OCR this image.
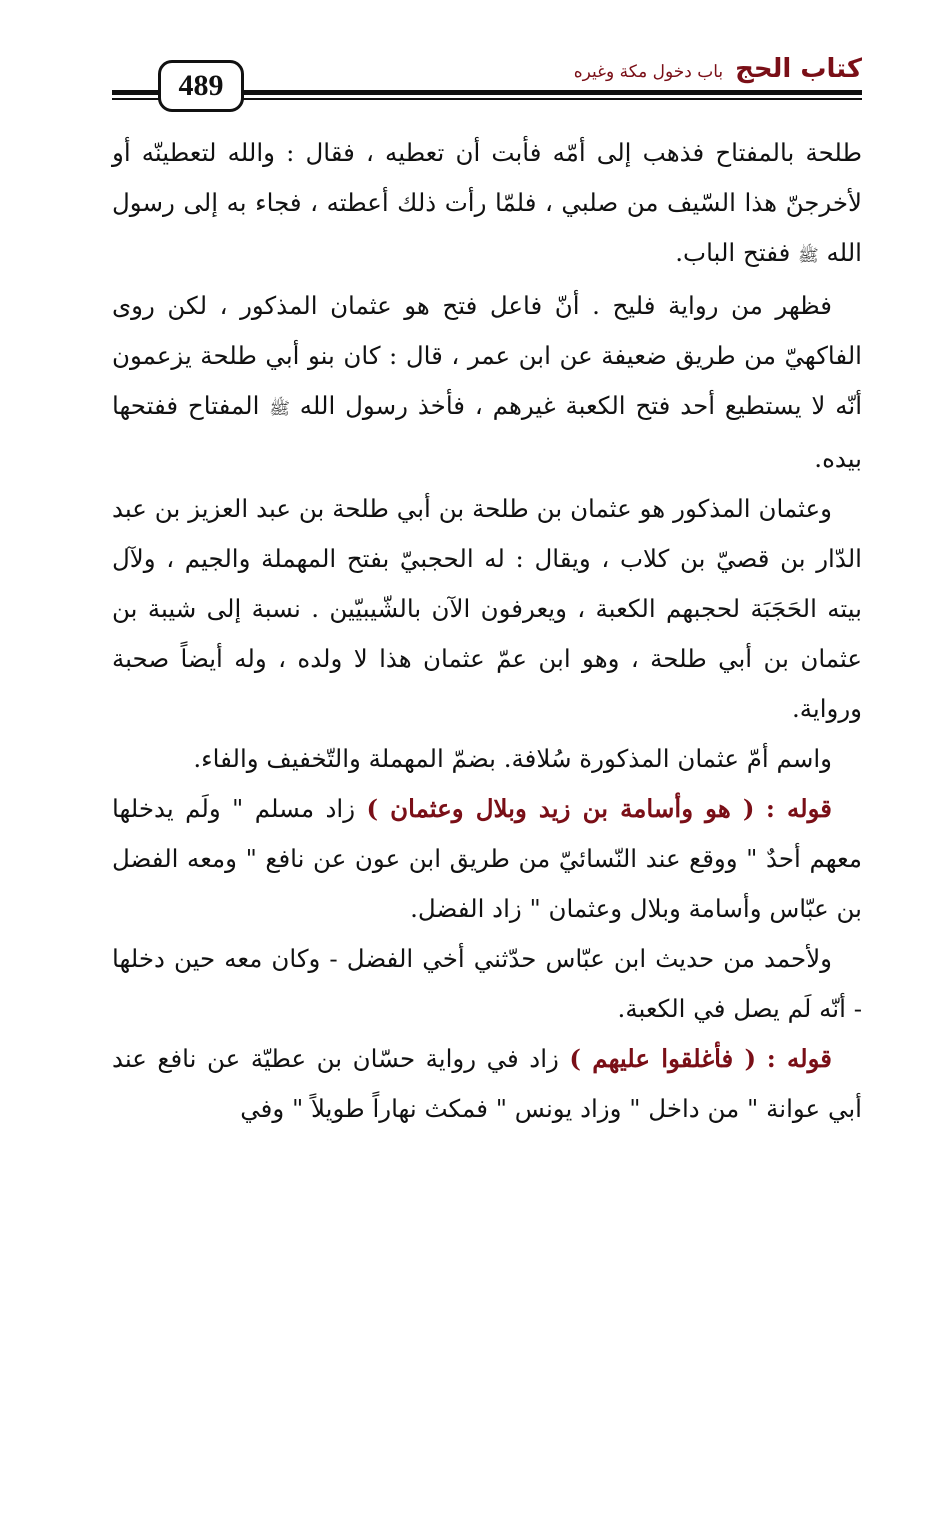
489	كتاب الحج
باب دخول مكة وغيره

طلحة بالمفتاح فذهب إلى أمّه فأبت أن تعطيه ، فقال : والله لتعطينّه أو لأخرجنّ هذا السّيف من صلبي ، فلمّا رأت ذلك أعطته ، فجاء به إلى رسول الله ﷺ ففتح الباب.

فظهر من رواية فليح . أنّ فاعل فتح هو عثمان المذكور ، لكن روى الفاكهيّ من طريق ضعيفة عن ابن عمر ، قال : كان بنو أبي طلحة يزعمون أنّه لا يستطيع أحد فتح الكعبة غيرهم ، فأخذ رسول الله ﷺ المفتاح ففتحها بيده.

وعثمان المذكور هو عثمان بن طلحة بن أبي طلحة بن عبد العزيز بن عبد الدّار بن قصيّ بن كلاب ، ويقال : له الحجبيّ بفتح المهملة والجيم ، ولآل بيته الحَجَبَة لحجبهم الكعبة ، ويعرفون الآن بالشّيبيّين . نسبة إلى شيبة بن عثمان بن أبي طلحة ، وهو ابن عمّ عثمان هذا لا ولده ، وله أيضاً صحبة ورواية.

واسم أمّ عثمان المذكورة سُلافة. بضمّ المهملة والتّخفيف والفاء.

قوله : ( هو وأسامة بن زيد وبلال وعثمان ) زاد مسلم " ولَم يدخلها معهم أحدٌ " ووقع عند النّسائيّ من طريق ابن عون عن نافع " ومعه الفضل بن عبّاس وأسامة وبلال وعثمان " زاد الفضل.

ولأحمد من حديث ابن عبّاس حدّثني أخي الفضل - وكان معه حين دخلها - أنّه لَم يصل في الكعبة.

قوله : ( فأغلقوا عليهم ) زاد في رواية حسّان بن عطيّة عن نافع عند أبي عوانة " من داخل " وزاد يونس " فمكث نهاراً طويلاً " وفي
